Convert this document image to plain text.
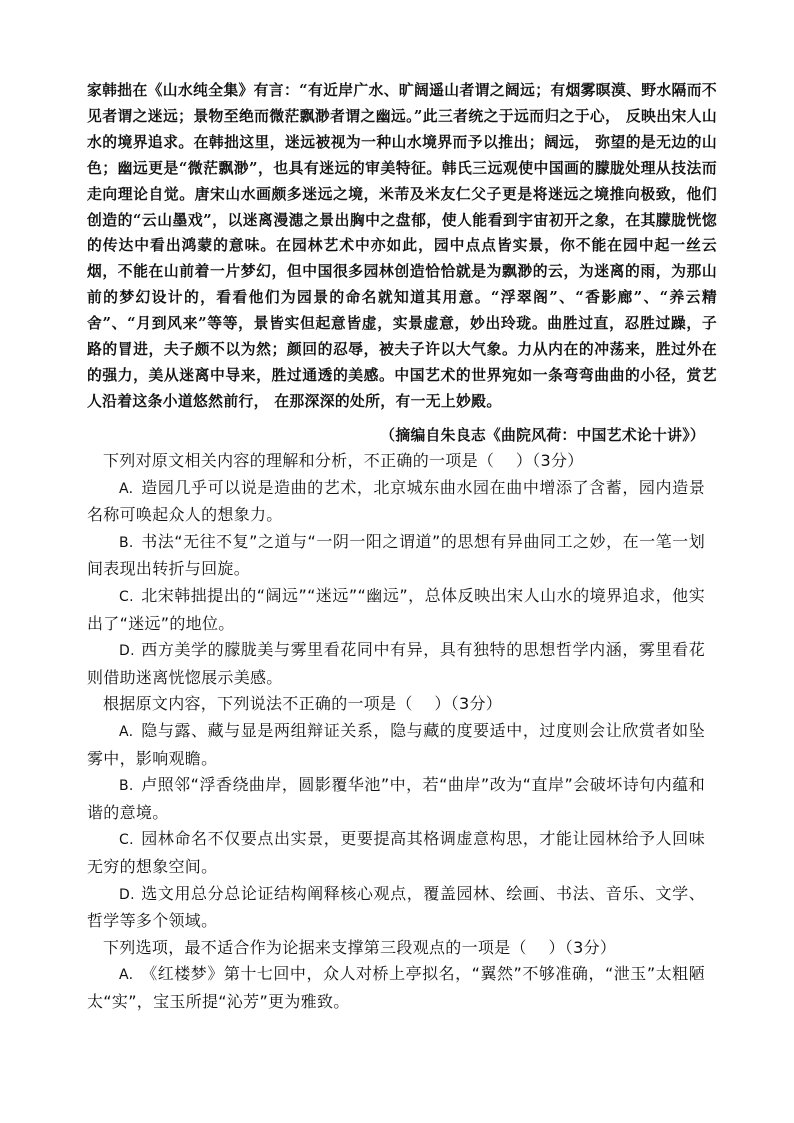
家韩拙在《山水纯全集》有言：“有近岸广水、旷阔遥山者谓之阔远；有烟雾暝漠、野水隔而不见者谓之迷远；景物至绝而微茫飘渺者谓之幽远。”此三者统之于远而归之于心， 反映出宋人山水的境界追求。在韩拙这里，迷远被视为一种山水境界而予以推出；阔远， 弥望的是无边的山色；幽远更是“微茫飘渺”，也具有迷远的审美特征。韩氏三远观使中国画的朦胧处理从技法而走向理论自觉。唐宋山水画颇多迷远之境，米芾及米友仁父子更是将迷远之境推向极致，他们创造的“云山墨戏”，以迷离漫漶之景出胸中之盘郁，使人能看到宇宙初开之象，在其朦胧恍惚的传达中看出鸿蒙的意味。在园林艺术中亦如此，园中点点皆实景，你不能在园中起一丝云烟，不能在山前着一片梦幻，但中国很多园林创造恰恰就是为飘渺的云，为迷离的雨，为那山前的梦幻设计的，看看他们为园景的命名就知道其用意。“浮翠阁”、“香影廊”、“养云精舍”、“月到风来”等等，景皆实但起意皆虚，实景虚意，妙出玲珑。曲胜过直，忍胜过躁，子路的冒进，夫子颇不以为然；颜回的忍辱，被夫子许以大气象。力从内在的冲荡来，胜过外在的强力，美从迷离中导来，胜过通透的美感。中国艺术的世界宛如一条弯弯曲曲的小径，赏艺人沿着这条小道悠然前行， 在那深深的处所，有一无上妙殿。

（摘编自朱良志《曲院风荷：中国艺术论十讲》）

下列对原文相关内容的理解和分析，不正确的一项是（　 ）（3分）

A. 造园几乎可以说是造曲的艺术，北京城东曲水园在曲中增添了含蓄，园内造景名称可唤起众人的想象力。

B. 书法“无往不复”之道与“一阴一阳之谓道”的思想有异曲同工之妙，在一笔一划间表现出转折与回旋。

C. 北宋韩拙提出的“阔远”“迷远”“幽远”，总体反映出宋人山水的境界追求，他实出了“迷远”的地位。

D. 西方美学的朦胧美与雾里看花同中有异，具有独特的思想哲学内涵，雾里看花则借助迷离恍惚展示美感。

根据原文内容，下列说法不正确的一项是（　 ）（3分）

A. 隐与露、藏与显是两组辩证关系，隐与藏的度要适中，过度则会让欣赏者如坠雾中，影响观瞻。

B. 卢照邻“浮香绕曲岸，圆影覆华池”中，若“曲岸”改为“直岸”会破坏诗句内蕴和谐的意境。

C. 园林命名不仅要点出实景，更要提高其格调虚意构思，才能让园林给予人回味无穷的想象空间。

D. 选文用总分总论证结构阐释核心观点，覆盖园林、绘画、书法、音乐、文学、哲学等多个领域。

下列选项，最不适合作为论据来支撑第三段观点的一项是（　 ）（3分）

A. 《红楼梦》第十七回中，众人对桥上亭拟名，“翼然”不够准确，“泄玉”太粗陋太“实”，宝玉所提“沁芳”更为雅致。
